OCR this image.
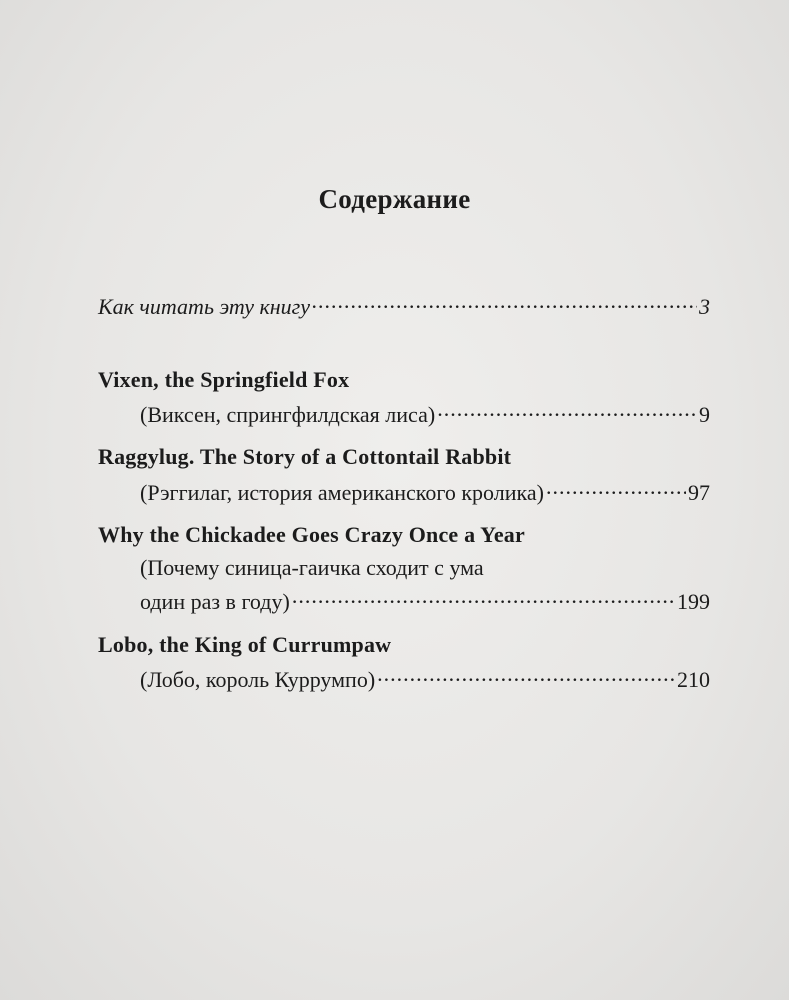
Содержание
Как читать эту книгу .....	3
Vixen, the Springfield Fox
(Виксен, спрингфилдская лиса) .....	9
Raggylug. The Story of a Cottontail Rabbit
(Рэггилаг, история американского кролика) .....	97
Why the Chickadee Goes Crazy Once a Year
(Почему синица-гаичка сходит с ума
один раз в году) .....	199
Lobo, the King of Currumpaw
(Лобо, король Куррумпо) .....	210
